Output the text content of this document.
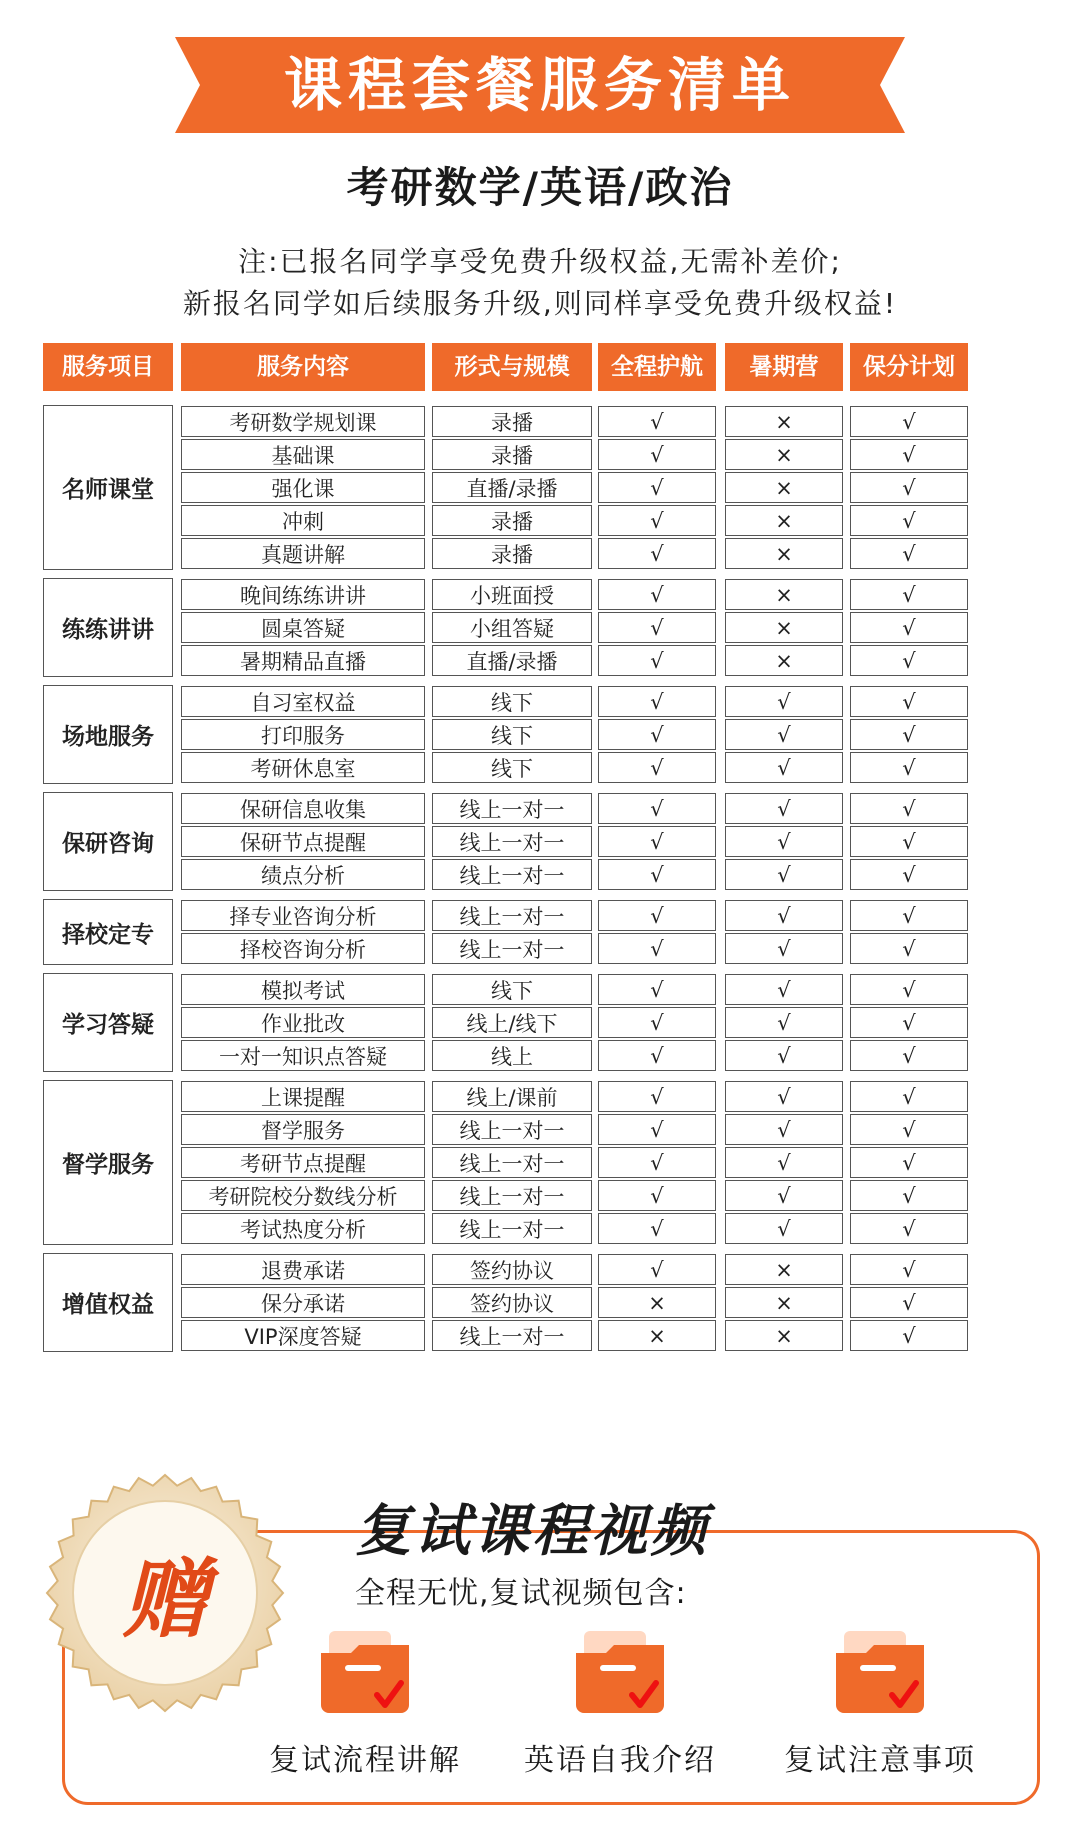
课程套餐服务清单
考研数学/英语/政治
注:已报名同学享受免费升级权益,无需补差价;
新报名同学如后续服务升级,则同样享受免费升级权益!
服务项目	服务内容	形式与规模	全程护航	暑期营	保分计划
名师课堂
考研数学规划课	录播	√	×	√
基础课	录播	√	×	√
强化课	直播/录播	√	×	√
冲刺	录播	√	×	√
真题讲解	录播	√	×	√
练练讲讲
晚间练练讲讲	小班面授	√	×	√
圆桌答疑	小组答疑	√	×	√
暑期精品直播	直播/录播	√	×	√
场地服务
自习室权益	线下	√	√	√
打印服务	线下	√	√	√
考研休息室	线下	√	√	√
保研咨询
保研信息收集	线上一对一	√	√	√
保研节点提醒	线上一对一	√	√	√
绩点分析	线上一对一	√	√	√
择校定专
择专业咨询分析	线上一对一	√	√	√
择校咨询分析	线上一对一	√	√	√
学习答疑
模拟考试	线下	√	√	√
作业批改	线上/线下	√	√	√
一对一知识点答疑	线上	√	√	√
督学服务
上课提醒	线上/课前	√	√	√
督学服务	线上一对一	√	√	√
考研节点提醒	线上一对一	√	√	√
考研院校分数线分析	线上一对一	√	√	√
考试热度分析	线上一对一	√	√	√
增值权益
退费承诺	签约协议	√	×	√
保分承诺	签约协议	×	×	√
VIP深度答疑	线上一对一	×	×	√
赠
复试课程视频
全程无忧,复试视频包含:
复试流程讲解	英语自我介绍	复试注意事项
